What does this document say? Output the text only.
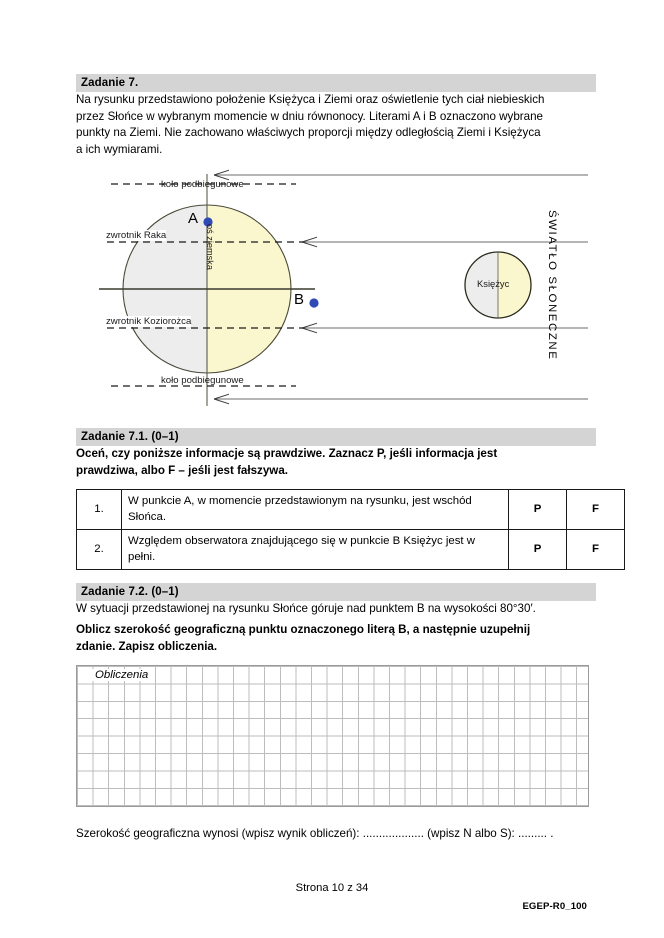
Zadanie 7.
Na rysunku przedstawiono położenie Księżyca i Ziemi oraz oświetlenie tych ciał niebieskich
przez Słońce w wybranym momencie w dniu równonocy. Literami A i B oznaczono wybrane
punkty na Ziemi. Nie zachowano właściwych proporcji między odległością Ziemi i Księżyca
a ich wymiarami.
koło podbiegunowe
zwrotnik Raka
zwrotnik Koziorożca
koło podbiegunowe
A
B
oś ziemska
Księżyc	ŚWIATŁO SŁONECZNE
Zadanie 7.1. (0–1)
Oceń, czy poniższe informacje są prawdziwe. Zaznacz P, jeśli informacja jest
prawdziwa, albo F – jeśli jest fałszywa.
1.	W punkcie A, w momencie przedstawionym na rysunku, jest wschód Słońca.	P	F
2.	Względem obserwatora znajdującego się w punkcie B Księżyc jest w pełni.	P	F
Zadanie 7.2. (0–1)
W sytuacji przedstawionej na rysunku Słońce góruje nad punktem B na wysokości 80°30′.
Oblicz szerokość geograficzną punktu oznaczonego literą B, a następnie uzupełnij
zdanie. Zapisz obliczenia.
Obliczenia
Szerokość geograficzna wynosi (wpisz wynik obliczeń): ................... (wpisz N albo S): ......... .
Strona 10 z 34
EGEP-R0_100
